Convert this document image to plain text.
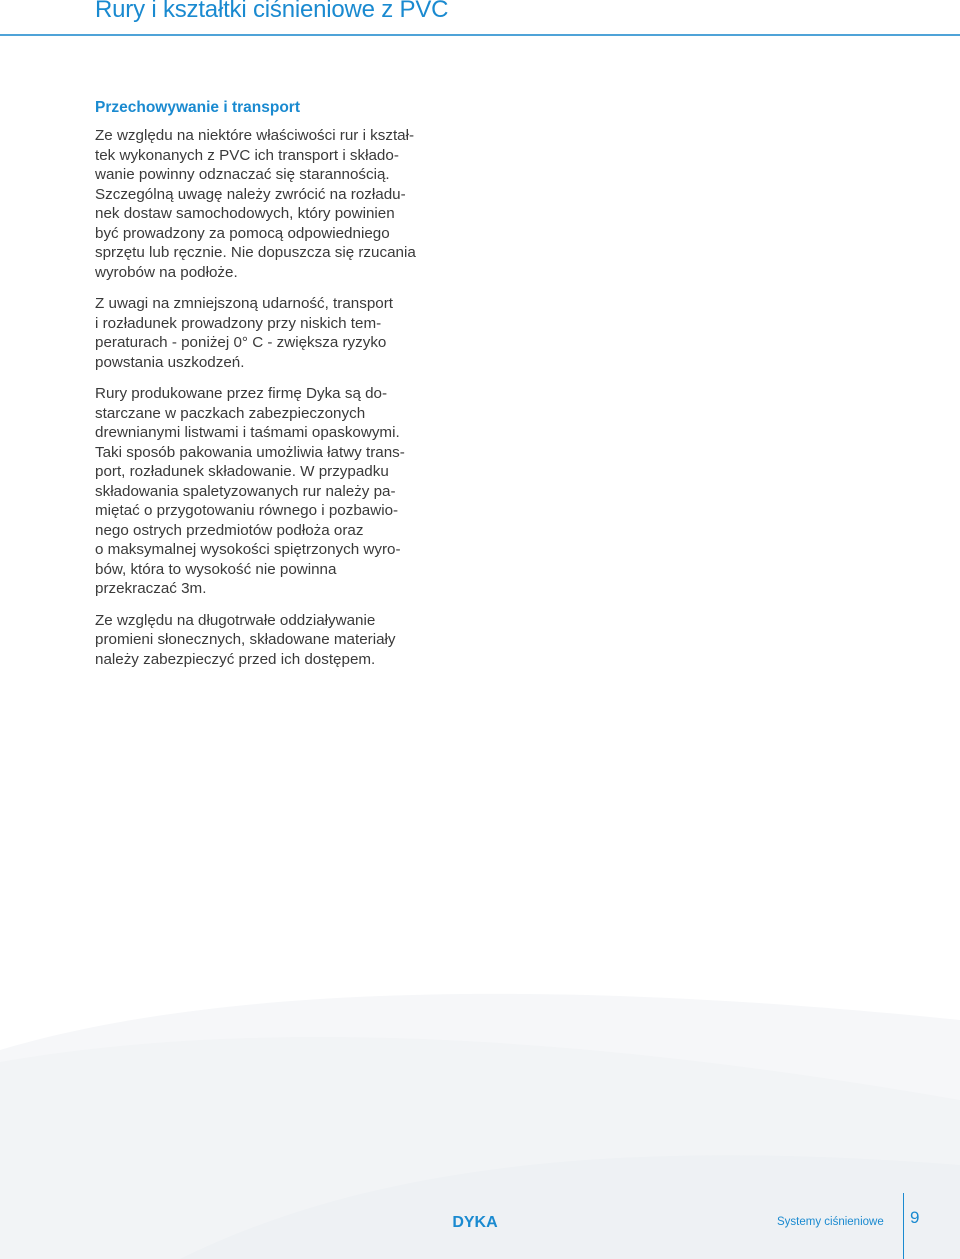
Rury i kształtki ciśnieniowe z PVC
Przechowywanie i transport

Ze względu na niektóre właściwości rur i kształ-
tek wykonanych z PVC ich transport i składo-
wanie powinny odznaczać się starannością.
Szczególną uwagę należy zwrócić na rozładu-
nek dostaw samochodowych, który powinien
być prowadzony za pomocą odpowiedniego
sprzętu lub ręcznie. Nie dopuszcza się rzucania
wyrobów na podłoże.

Z uwagi na zmniejszoną udarność, transport
i rozładunek prowadzony przy niskich tem-
peraturach - poniżej 0° C - zwiększa ryzyko
powstania uszkodzeń.

Rury produkowane przez firmę Dyka są do-
starczane w paczkach zabezpieczonych
drewnianymi listwami i taśmami opaskowymi.
Taki sposób pakowania umożliwia łatwy trans-
port, rozładunek składowanie. W przypadku
składowania spaletyzowanych rur należy pa-
miętać o przygotowaniu równego i pozbawio-
nego ostrych przedmiotów podłoża oraz
o maksymalnej wysokości spiętrzonych wyro-
bów, która to wysokość nie powinna
przekraczać 3m.

Ze względu na długotrwałe oddziaływanie
promieni słonecznych, składowane materiały
należy zabezpieczyć przed ich dostępem.

DYKA	Systemy ciśnieniowe 9
